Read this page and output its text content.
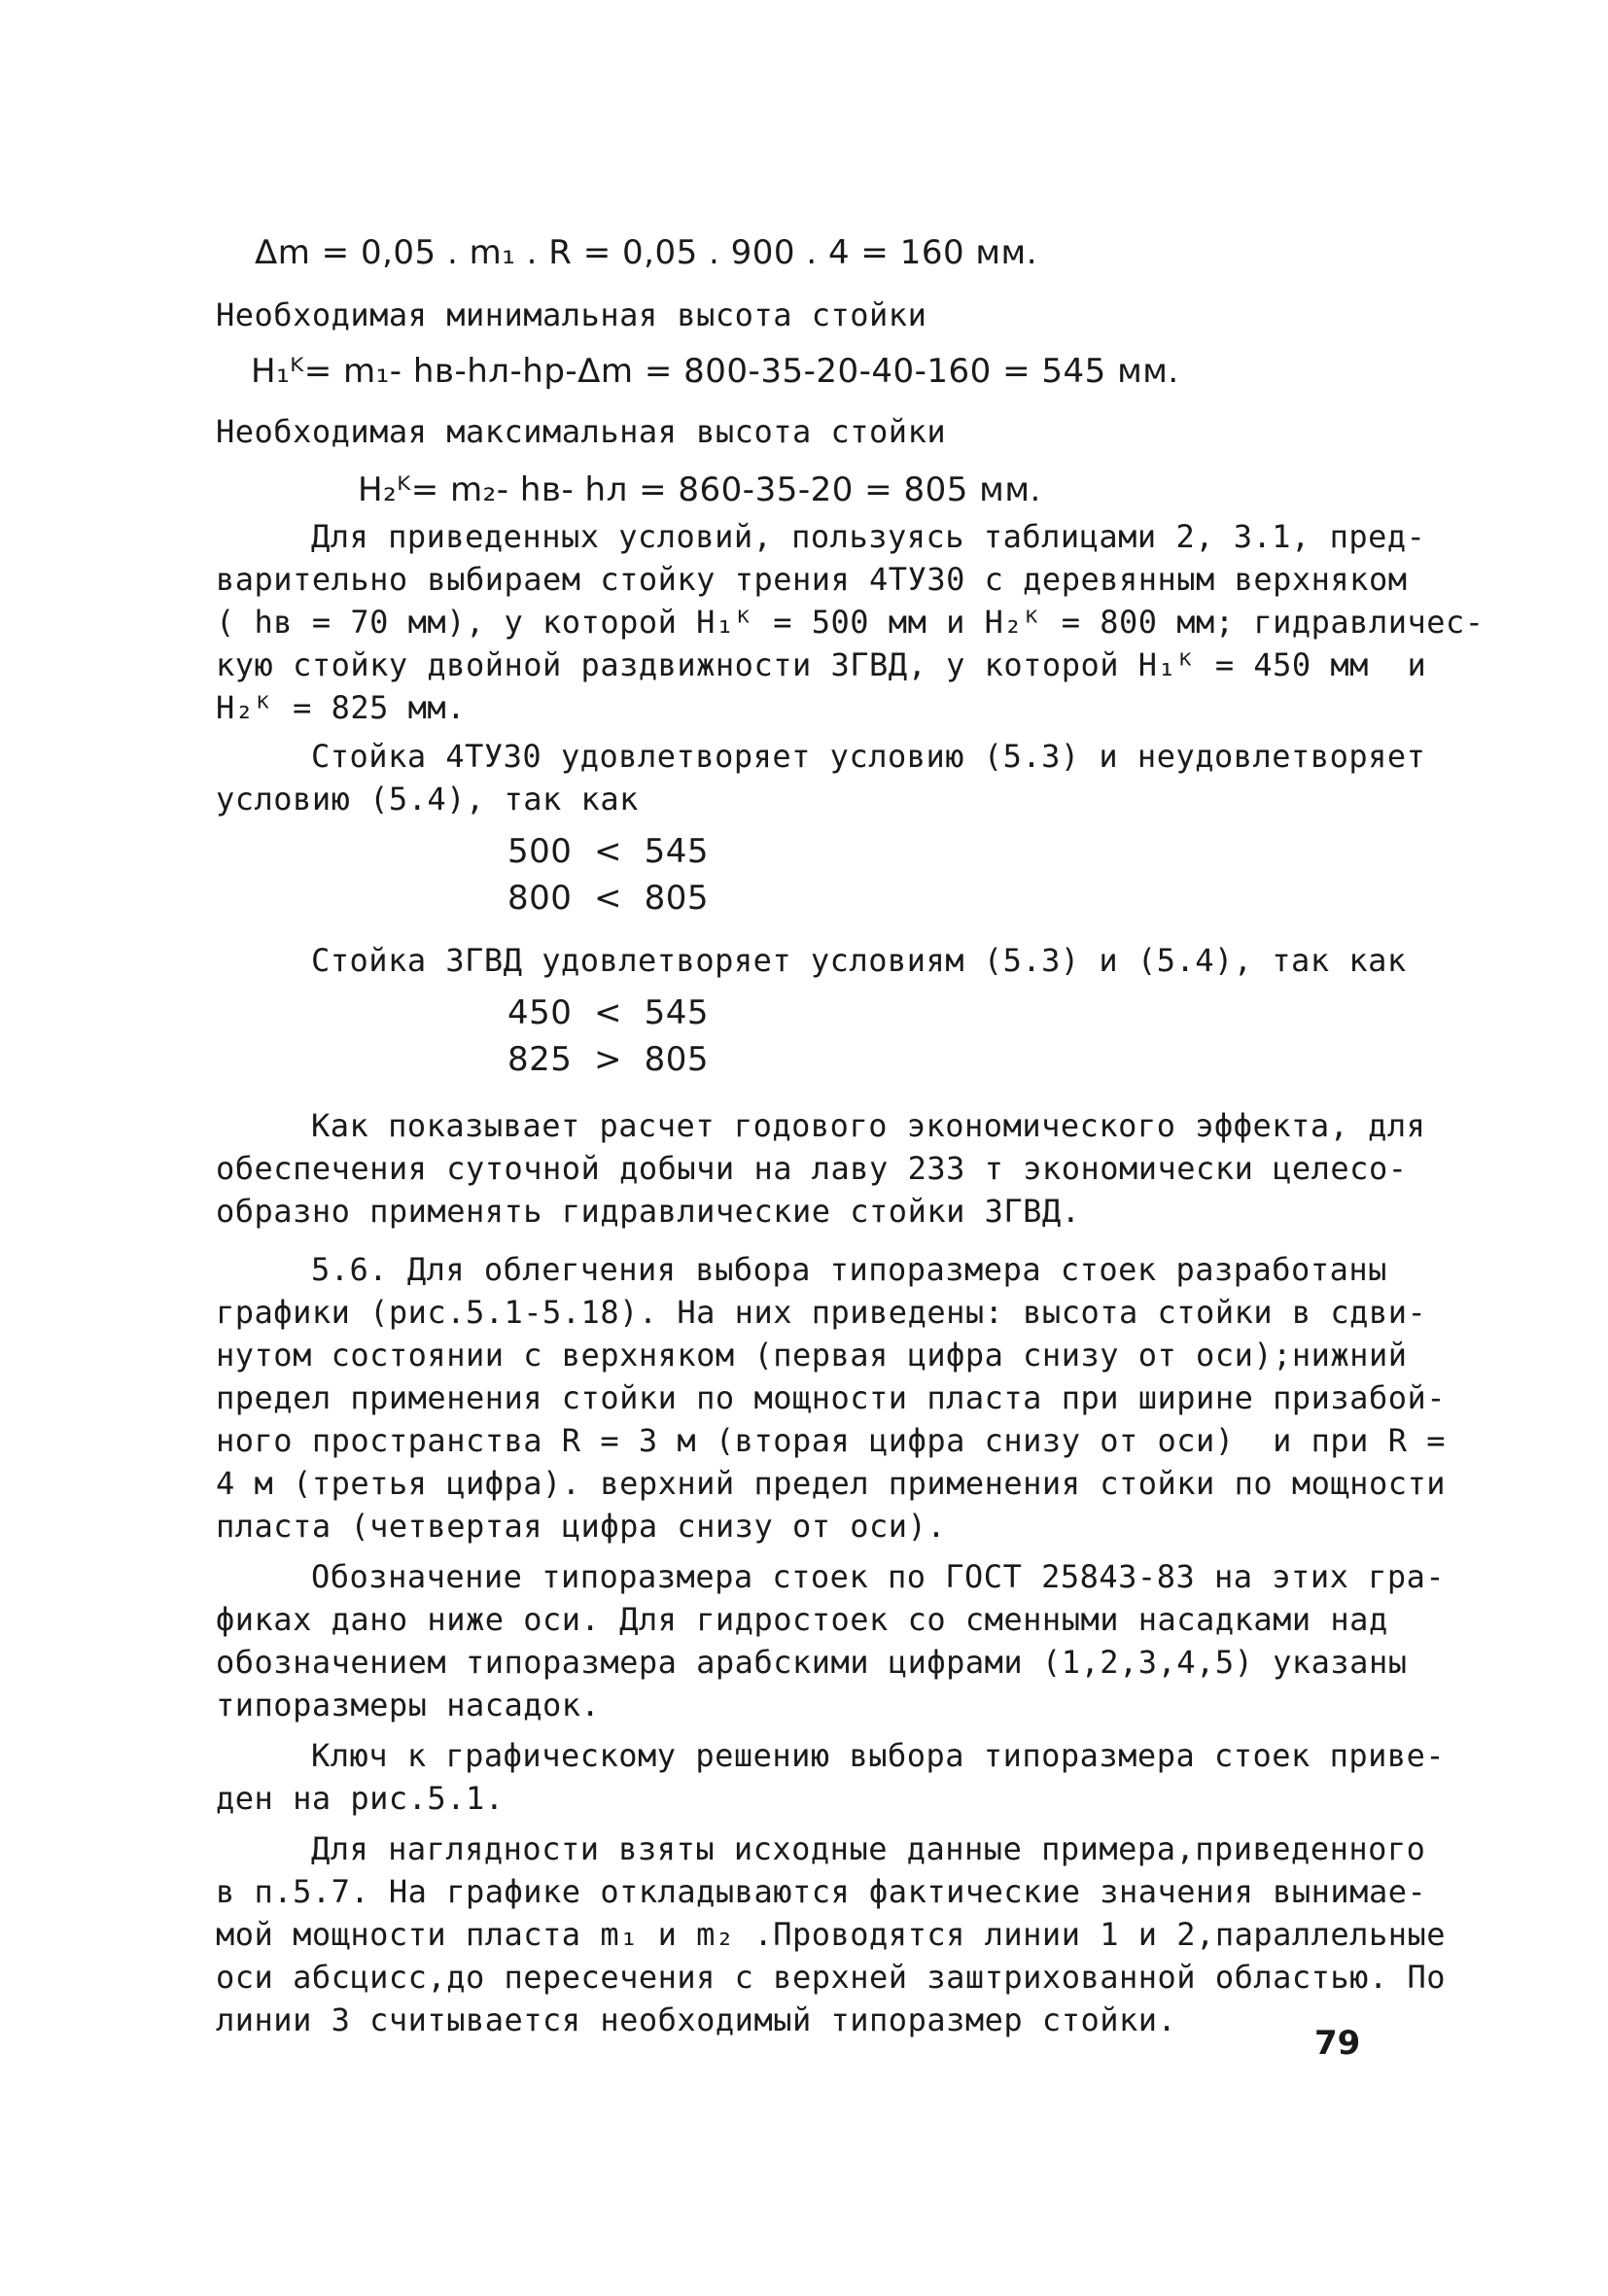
Δm = 0,05 . m₁ . R = 0,05 . 900 . 4 = 160 мм.
Необходимая минимальная высота стойки
H₁ᴷ= m₁- hв-hл-hр-Δm = 800-35-20-40-160 = 545 мм.
Необходимая максимальная высота стойки
H₂ᴷ= m₂- hв- hл = 860-35-20 = 805 мм.
Для приведенных условий, пользуясь таблицами 2, 3.1, пред-
варительно выбираем стойку трения 4ТУ30 с деревянным верхняком
( hв = 70 мм), у которой H₁ᴷ = 500 мм и H₂ᴷ = 800 мм; гидравличес-
кую стойку двойной раздвижности 3ГВД, у которой H₁ᴷ = 450 мм  и
H₂ᴷ = 825 мм.
Стойка 4ТУ30 удовлетворяет условию (5.3) и неудовлетворяет
условию (5.4), так как
500  <  545
800  <  805
Стойка 3ГВД удовлетворяет условиям (5.3) и (5.4), так как
450  <  545
825  >  805
Как показывает расчет годового экономического эффекта, для
обеспечения суточной добычи на лаву 233 т экономически целесо-
образно применять гидравлические стойки 3ГВД.
5.6. Для облегчения выбора типоразмера стоек разработаны
графики (рис.5.1-5.18). На них приведены: высота стойки в сдви-
нутом состоянии с верхняком (первая цифра снизу от оси);нижний
предел применения стойки по мощности пласта при ширине призабой-
ного пространства R = 3 м (вторая цифра снизу от оси)  и при R =
4 м (третья цифра). верхний предел применения стойки по мощности
пласта (четвертая цифра снизу от оси).
Обозначение типоразмера стоек по ГОСТ 25843-83 на этих гра-
фиках дано ниже оси. Для гидростоек со сменными насадками над
обозначением типоразмера арабскими цифрами (1,2,3,4,5) указаны
типоразмеры насадок.
Ключ к графическому решению выбора типоразмера стоек приве-
ден на рис.5.1.
Для наглядности взяты исходные данные примера,приведенного
в п.5.7. На графике откладываются фактические значения вынимае-
мой мощности пласта m₁ и m₂ .Проводятся линии 1 и 2,параллельные
оси абсцисс,до пересечения с верхней заштрихованной областью. По
линии 3 считывается необходимый типоразмер стойки.
79
